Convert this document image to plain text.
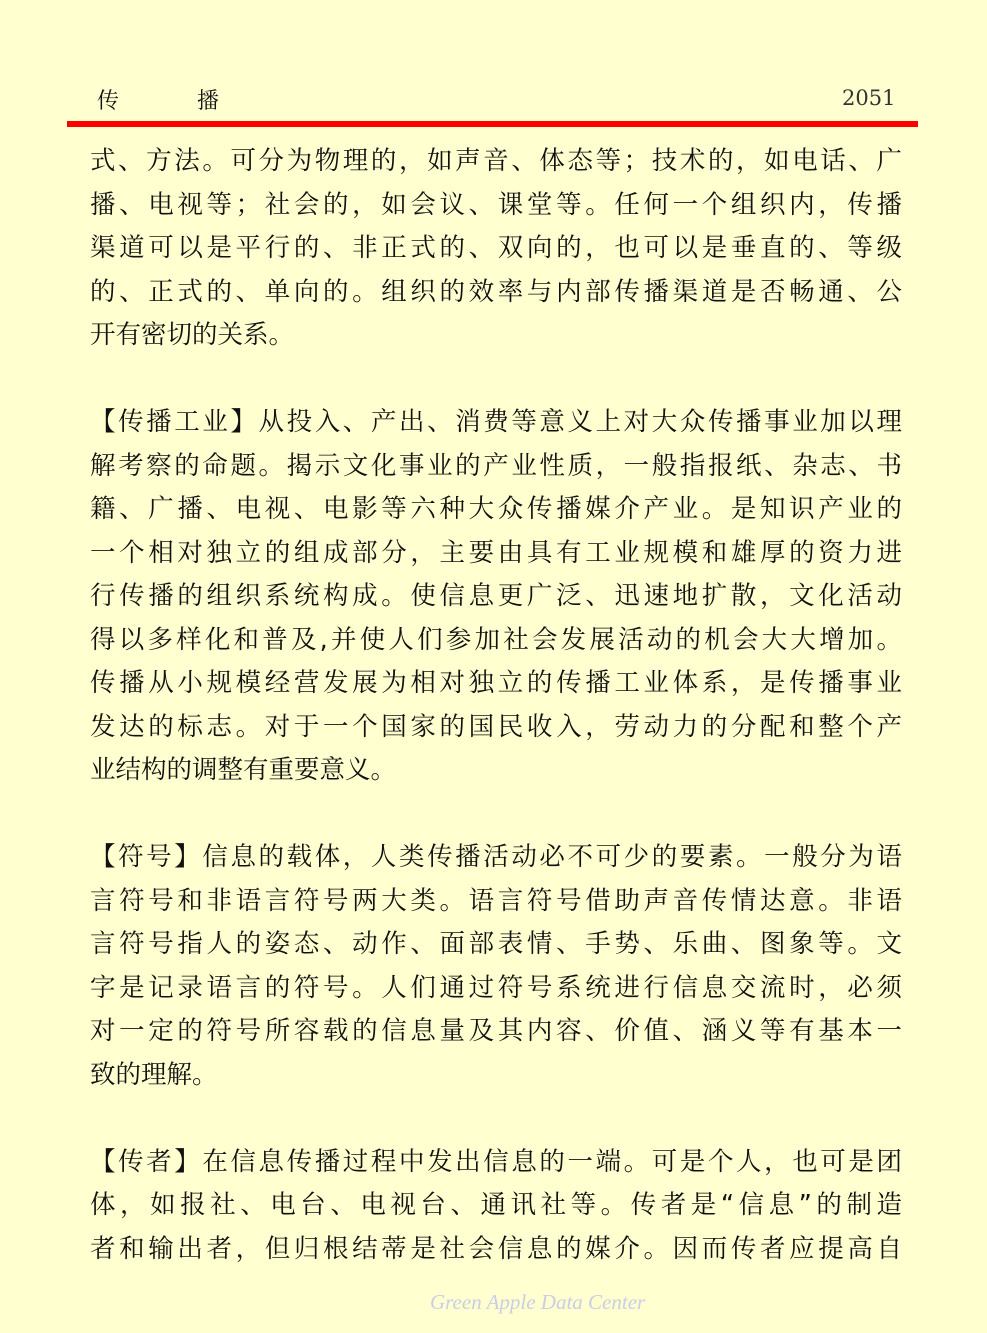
传	播	2051
式、方法。可分为物理的，如声音、体态等；技术的，如电话、广
播、电视等；社会的，如会议、课堂等。任何一个组织内，传播
渠道可以是平行的、非正式的、双向的，也可以是垂直的、等级
的、正式的、单向的。组织的效率与内部传播渠道是否畅通、公
开有密切的关系。
【传播工业】从投入、产出、消费等意义上对大众传播事业加以理
解考察的命题。揭示文化事业的产业性质，一般指报纸、杂志、书
籍、广播、电视、电影等六种大众传播媒介产业。是知识产业的
一个相对独立的组成部分，主要由具有工业规模和雄厚的资力进
行传播的组织系统构成。使信息更广泛、迅速地扩散，文化活动
得以多样化和普及,并使人们参加社会发展活动的机会大大增加。
传播从小规模经营发展为相对独立的传播工业体系，是传播事业
发达的标志。对于一个国家的国民收入，劳动力的分配和整个产
业结构的调整有重要意义。
【符号】信息的载体，人类传播活动必不可少的要素。一般分为语
言符号和非语言符号两大类。语言符号借助声音传情达意。非语
言符号指人的姿态、动作、面部表情、手势、乐曲、图象等。文
字是记录语言的符号。人们通过符号系统进行信息交流时，必须
对一定的符号所容载的信息量及其内容、价值、涵义等有基本一
致的理解。
【传者】在信息传播过程中发出信息的一端。可是个人，也可是团
体，如报社、电台、电视台、通讯社等。传者是“信息”的制造
者和输出者，但归根结蒂是社会信息的媒介。因而传者应提高自
Green Apple Data Center
